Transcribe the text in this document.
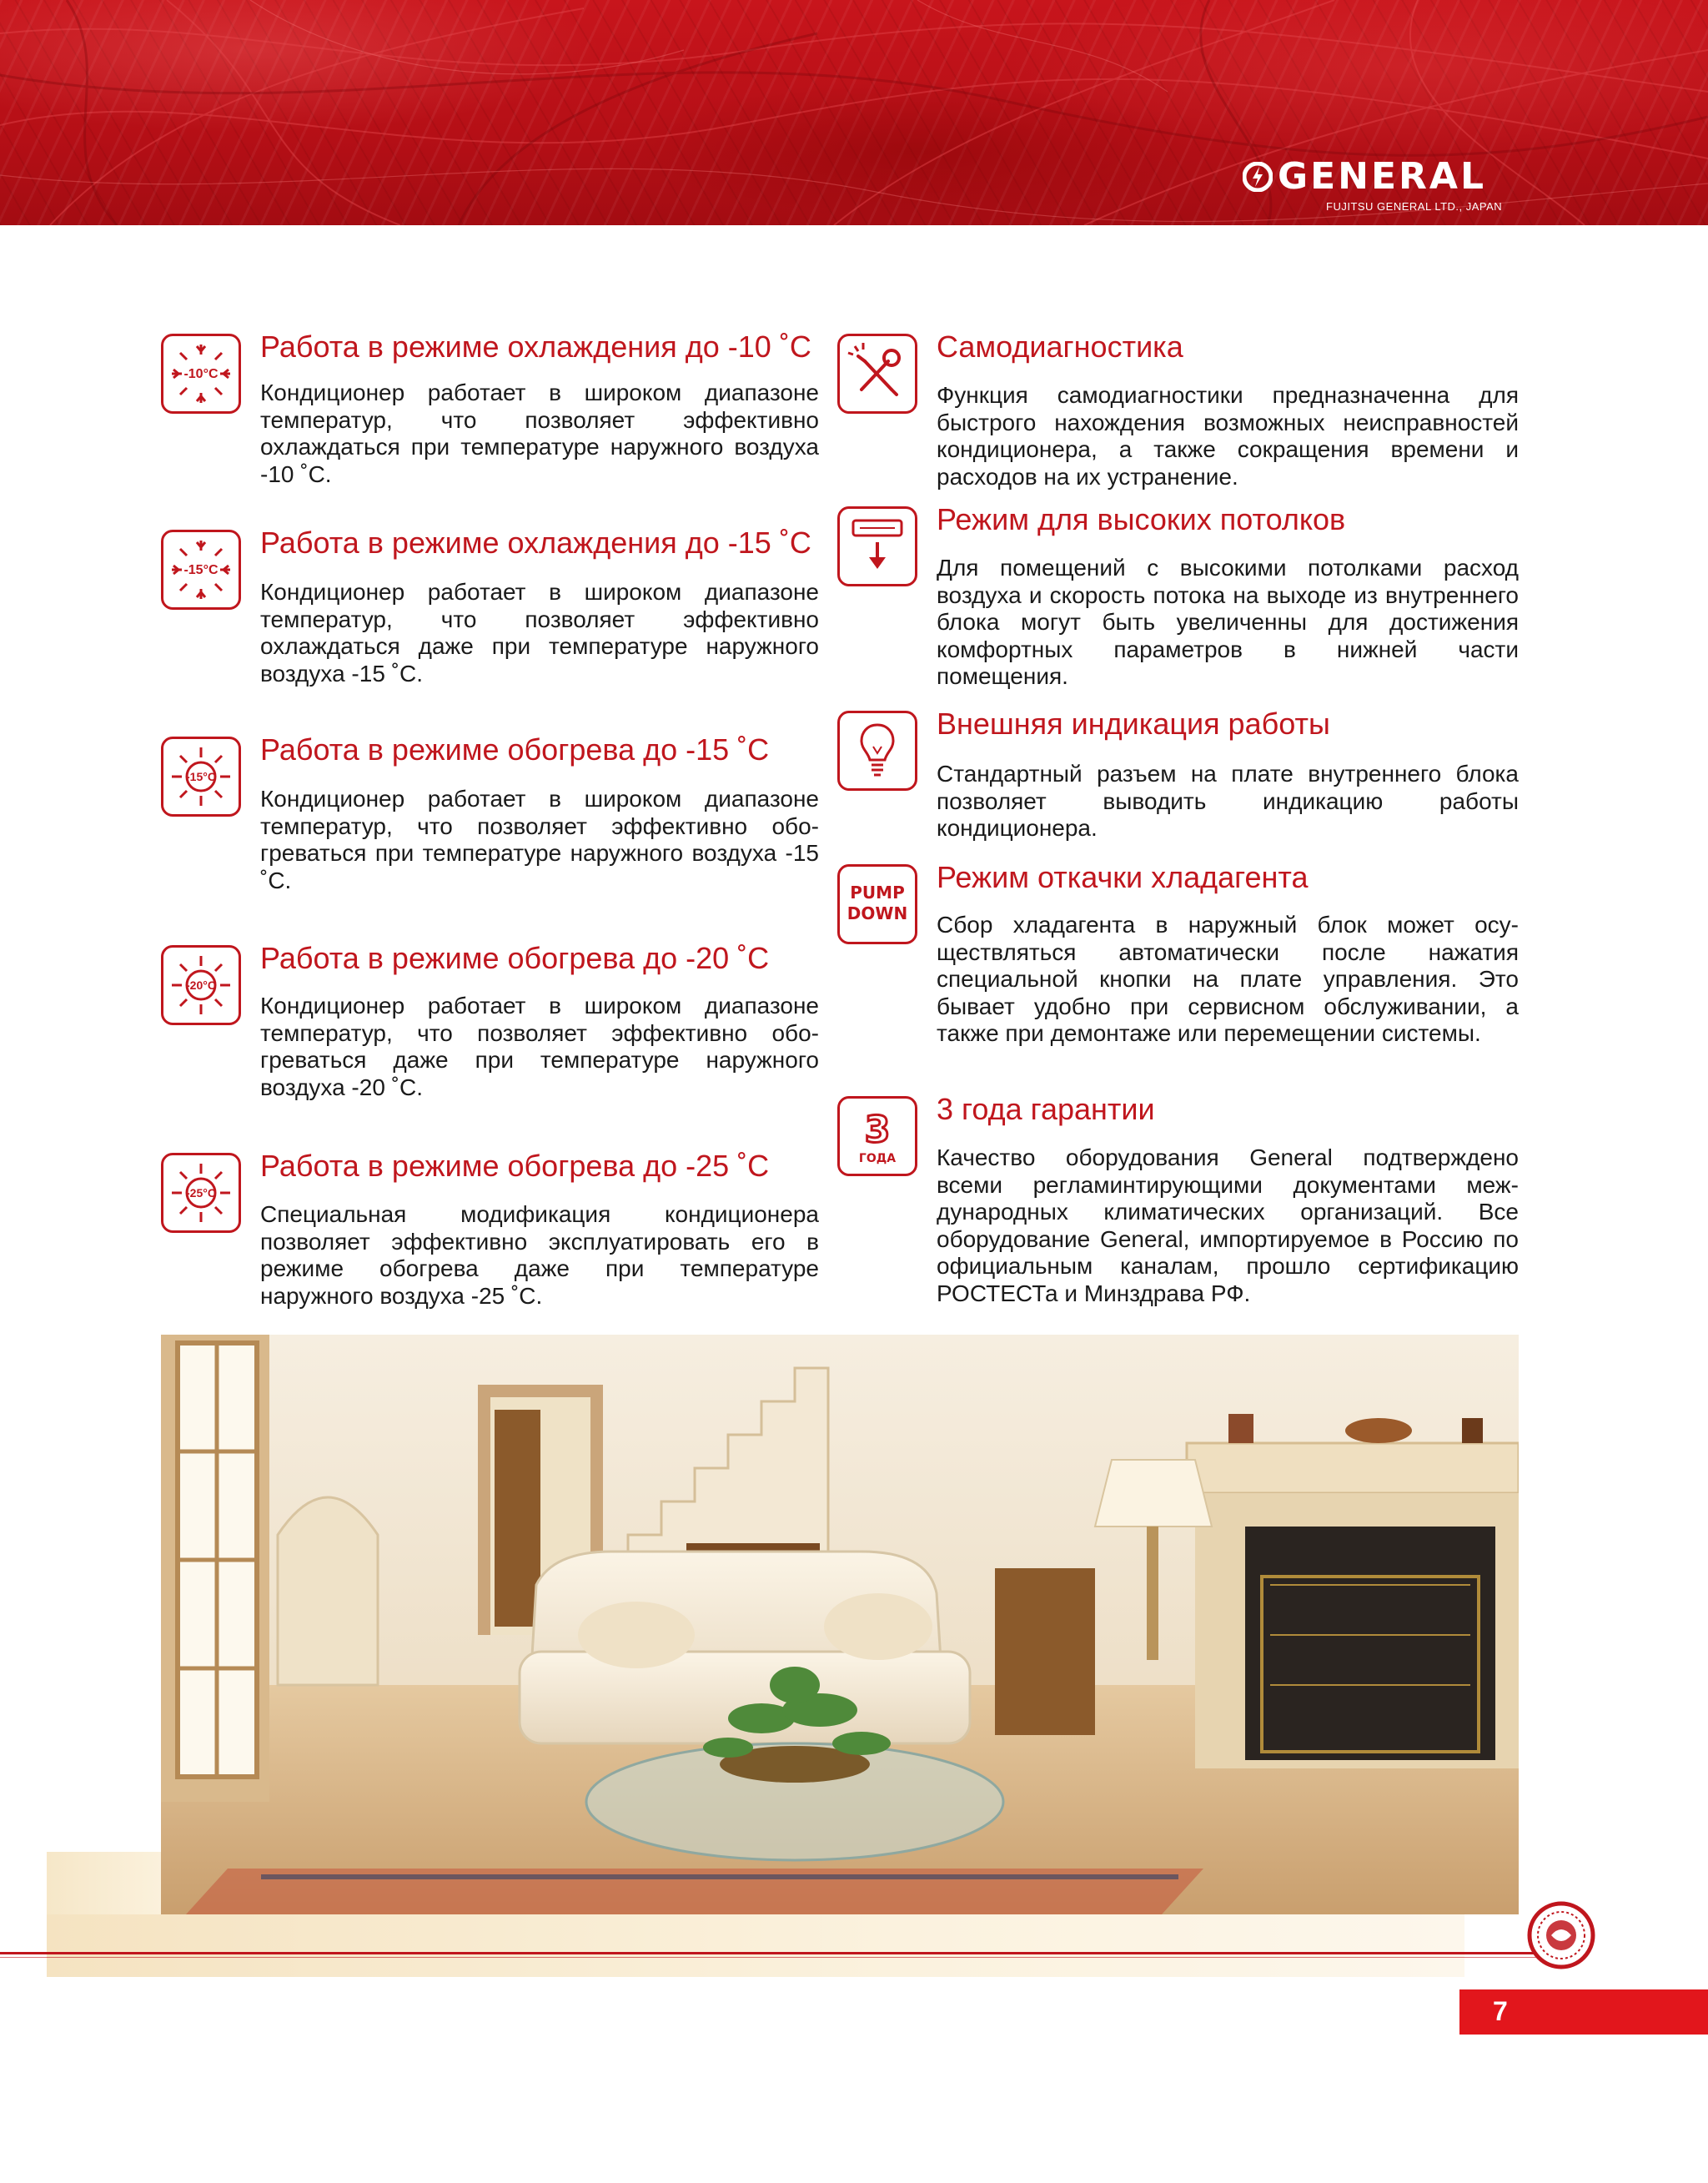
GENERAL
FUJITSU GENERAL LTD., JAPAN
-10°C
Работа в режиме охлаждения до -10 ˚С
Кондиционер работает в широком диапазоне температур, что позволяет эффективно охлаждаться при температуре наружного воздуха -10 ˚С.
-15°C
Работа в режиме охлаждения до -15 ˚С
Кондиционер работает в широком диапазоне температур, что позволяет эффективно охлаждаться даже при температуре наружного воздуха -15 ˚С.
-15°C
Работа в режиме обогрева до -15 ˚С
Кондиционер работает в широком диапазоне температур, что позволяет эффективно обогреваться при температуре наружного воздуха -15 ˚С.
-20°C
Работа в режиме обогрева до -20 ˚С
Кондиционер работает в широком диапазоне температур, что позволяет эффективно обогреваться даже при температуре наружного воздуха -20 ˚С.
-25°C
Работа в режиме обогрева до -25 ˚С
Специальная модификация кондиционера позволяет эффективно эксплуатировать его в режиме обогрева даже при температуре наружного воздуха -25 ˚С.
Самодиагностика
Функция самодиагностики предназначенна для быстрого нахождения возможных неисправностей кондиционера, а также сокращения времени и расходов на их устранение.
Режим для высоких потолков
Для помещений с высокими потолками расход воздуха и скорость потока на выходе из внутреннего блока могут быть увеличенны для достижения комфортных параметров в нижней части помещения.
Внешняя индикация работы
Стандартный разъем на плате внутреннего блока позволяет выводить индикацию работы кондиционера.
PUMP
DOWN
Режим откачки хладагента
Сбор хладагента в наружный блок может осуществляться автоматически после нажатия специальной кнопки на плате управления. Это бывает удобно при сервисном обслуживании, а также при демонтаже или перемещении системы.
3
ГОДА
3 года гарантии
Качество оборудования General подтверждено всеми регламинтирующими документами международных климатических организаций. Все оборудование General, импортируемое в Россию по официальным каналам, прошло сертификацию РОСТЕСТа и Минздрава РФ.
7
